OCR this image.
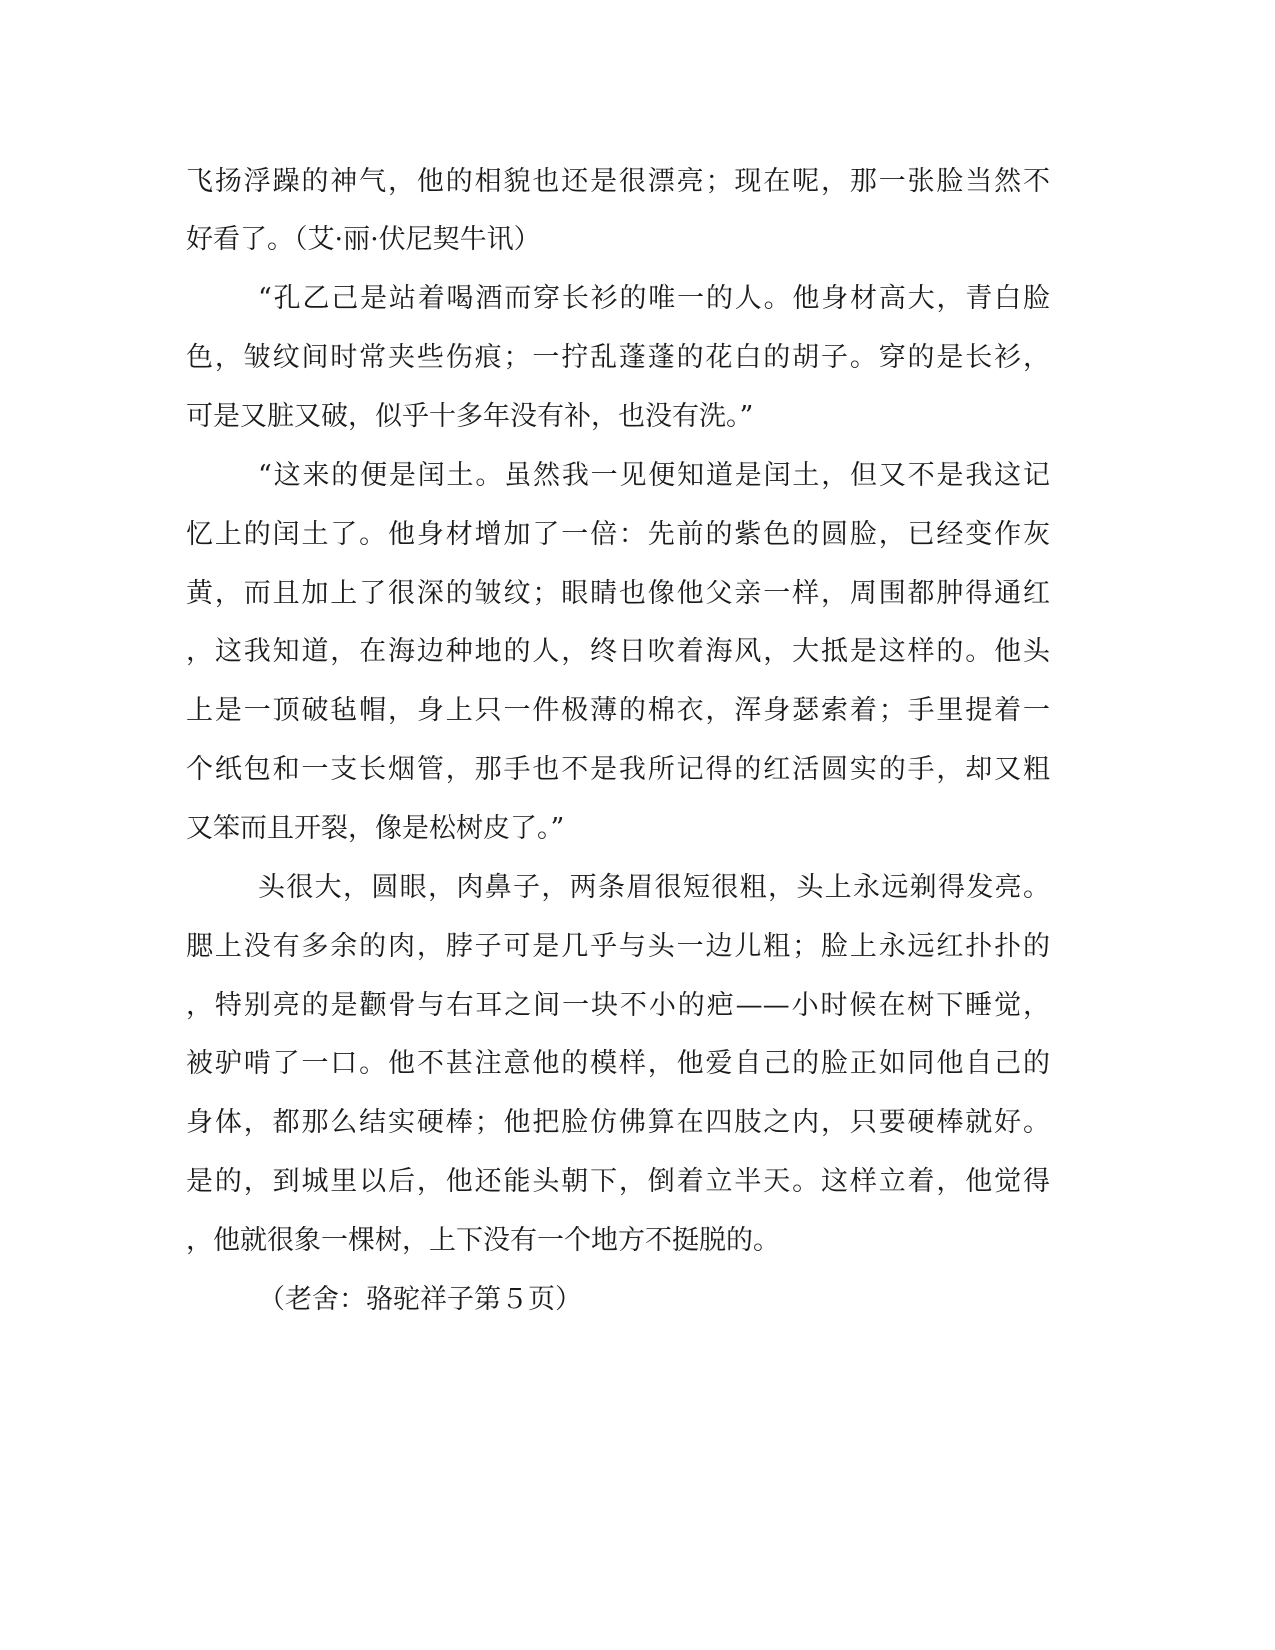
飞扬浮躁的神气，他的相貌也还是很漂亮；现在呢，那一张脸当然不
好看了。（艾·丽·伏尼契牛讯）
“孔乙己是站着喝酒而穿长衫的唯一的人。他身材高大，青白脸
色，皱纹间时常夹些伤痕；一拧乱蓬蓬的花白的胡子。穿的是长衫，
可是又脏又破，似乎十多年没有补，也没有洗。”
“这来的便是闰土。虽然我一见便知道是闰土，但又不是我这记
忆上的闰土了。他身材增加了一倍：先前的紫色的圆脸，已经变作灰
黄，而且加上了很深的皱纹；眼睛也像他父亲一样，周围都肿得通红
，这我知道，在海边种地的人，终日吹着海风，大抵是这样的。他头
上是一顶破毡帽，身上只一件极薄的棉衣，浑身瑟索着；手里提着一
个纸包和一支长烟管，那手也不是我所记得的红活圆实的手，却又粗
又笨而且开裂，像是松树皮了。”
头很大，圆眼，肉鼻子，两条眉很短很粗，头上永远剃得发亮。
腮上没有多余的肉，脖子可是几乎与头一边儿粗；脸上永远红扑扑的
，特别亮的是颧骨与右耳之间一块不小的疤——小时候在树下睡觉，
被驴啃了一口。他不甚注意他的模样，他爱自己的脸正如同他自己的
身体，都那么结实硬棒；他把脸仿佛算在四肢之内，只要硬棒就好。
是的，到城里以后，他还能头朝下，倒着立半天。这样立着，他觉得
，他就很象一棵树，上下没有一个地方不挺脱的。
（老舍：骆驼祥子第５页）
